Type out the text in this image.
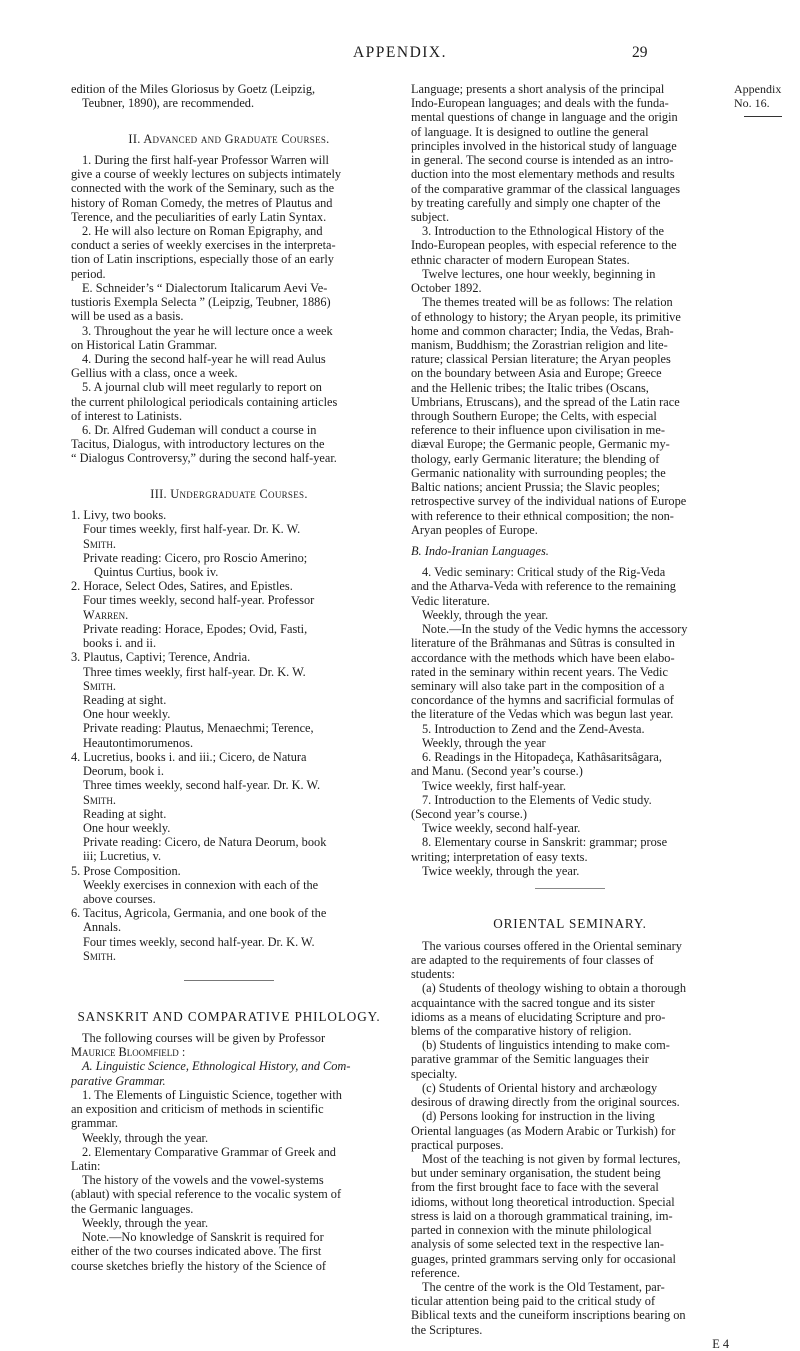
APPENDIX.	29
Appendix
No. 16.

edition of the Miles Gloriosus by Goetz (Leipzig,

Teubner, 1890), are recommended.

II. Advanced and Graduate Courses.

1. During the first half-year Professor Warren will

give a course of weekly lectures on subjects intimately

connected with the work of the Seminary, such as the

history of Roman Comedy, the metres of Plautus and

Terence, and the peculiarities of early Latin Syntax.

2. He will also lecture on Roman Epigraphy, and

conduct a series of weekly exercises in the interpreta-

tion of Latin inscriptions, especially those of an early

period.

E. Schneider’s “ Dialectorum Italicarum Aevi Ve-

tustioris Exempla Selecta ” (Leipzig, Teubner, 1886)

will be used as a basis.

3. Throughout the year he will lecture once a week

on Historical Latin Grammar.

4. During the second half-year he will read Aulus

Gellius with a class, once a week.

5. A journal club will meet regularly to report on

the current philological periodicals containing articles

of interest to Latinists.

6. Dr. Alfred Gudeman will conduct a course in

Tacitus, Dialogus, with introductory lectures on the

“ Dialogus Controversy,” during the second half-year.

III. Undergraduate Courses.

1. Livy, two books.

Four times weekly, first half-year. Dr. K. W.

Smith.

Private reading: Cicero, pro Roscio Amerino;

Quintus Curtius, book iv.

2. Horace, Select Odes, Satires, and Epistles.

Four times weekly, second half-year. Professor

Warren.

Private reading: Horace, Epodes; Ovid, Fasti,

books i. and ii.

3. Plautus, Captivi; Terence, Andria.

Three times weekly, first half-year. Dr. K. W.

Smith.

Reading at sight.

One hour weekly.

Private reading: Plautus, Menaechmi; Terence,

Heautontimorumenos.

4. Lucretius, books i. and iii.; Cicero, de Natura

Deorum, book i.

Three times weekly, second half-year. Dr. K. W.

Smith.

Reading at sight.

One hour weekly.

Private reading: Cicero, de Natura Deorum, book

iii; Lucretius, v.

5. Prose Composition.

Weekly exercises in connexion with each of the

above courses.

6. Tacitus, Agricola, Germania, and one book of the

Annals.

Four times weekly, second half-year. Dr. K. W.

Smith.

SANSKRIT AND COMPARATIVE PHILOLOGY.

The following courses will be given by Professor

Maurice Bloomfield :

A. Linguistic Science, Ethnological History, and Com-

parative Grammar.

1. The Elements of Linguistic Science, together with

an exposition and criticism of methods in scientific

grammar.

Weekly, through the year.

2. Elementary Comparative Grammar of Greek and

Latin:

The history of the vowels and the vowel-systems

(ablaut) with special reference to the vocalic system of

the Germanic languages.

Weekly, through the year.

Note.—No knowledge of Sanskrit is required for

either of the two courses indicated above. The first

course sketches briefly the history of the Science of

Language; presents a short analysis of the principal

Indo-European languages; and deals with the funda-

mental questions of change in language and the origin

of language. It is designed to outline the general

principles involved in the historical study of language

in general. The second course is intended as an intro-

duction into the most elementary methods and results

of the comparative grammar of the classical languages

by treating carefully and simply one chapter of the

subject.

3. Introduction to the Ethnological History of the

Indo-European peoples, with especial reference to the

ethnic character of modern European States.

Twelve lectures, one hour weekly, beginning in

October 1892.

The themes treated will be as follows: The relation

of ethnology to history; the Aryan people, its primitive

home and common character; India, the Vedas, Brah-

manism, Buddhism; the Zorastrian religion and lite-

rature; classical Persian literature; the Aryan peoples

on the boundary between Asia and Europe; Greece

and the Hellenic tribes; the Italic tribes (Oscans,

Umbrians, Etruscans), and the spread of the Latin race

through Southern Europe; the Celts, with especial

reference to their influence upon civilisation in me-

diæval Europe; the Germanic people, Germanic my-

thology, early Germanic literature; the blending of

Germanic nationality with surrounding peoples; the

Baltic nations; ancient Prussia; the Slavic peoples;

retrospective survey of the individual nations of Europe

with reference to their ethnical composition; the non-

Aryan peoples of Europe.

B. Indo-Iranian Languages.

4. Vedic seminary: Critical study of the Rig-Veda

and the Atharva-Veda with reference to the remaining

Vedic literature.

Weekly, through the year.

Note.—In the study of the Vedic hymns the accessory

literature of the Brâhmanas and Sûtras is consulted in

accordance with the methods which have been elabo-

rated in the seminary within recent years. The Vedic

seminary will also take part in the composition of a

concordance of the hymns and sacrificial formulas of

the literature of the Vedas which was begun last year.

5. Introduction to Zend and the Zend-Avesta.

Weekly, through the year

6. Readings in the Hitopadeça, Kathâsaritsâgara,

and Manu. (Second year’s course.)

Twice weekly, first half-year.

7. Introduction to the Elements of Vedic study.

(Second year’s course.)

Twice weekly, second half-year.

8. Elementary course in Sanskrit: grammar; prose

writing; interpretation of easy texts.

Twice weekly, through the year.

ORIENTAL SEMINARY.

The various courses offered in the Oriental seminary

are adapted to the requirements of four classes of

students:

(a) Students of theology wishing to obtain a thorough

acquaintance with the sacred tongue and its sister

idioms as a means of elucidating Scripture and pro-

blems of the comparative history of religion.

(b) Students of linguistics intending to make com-

parative grammar of the Semitic languages their

specialty.

(c) Students of Oriental history and archæology

desirous of drawing directly from the original sources.

(d) Persons looking for instruction in the living

Oriental languages (as Modern Arabic or Turkish) for

practical purposes.

Most of the teaching is not given by formal lectures,

but under seminary organisation, the student being

from the first brought face to face with the several

idioms, without long theoretical introduction. Special

stress is laid on a thorough grammatical training, im-

parted in connexion with the minute philological

analysis of some selected text in the respective lan-

guages, printed grammars serving only for occasional

reference.

The centre of the work is the Old Testament, par-

ticular attention being paid to the critical study of

Biblical texts and the cuneiform inscriptions bearing on

the Scriptures.

E 4
